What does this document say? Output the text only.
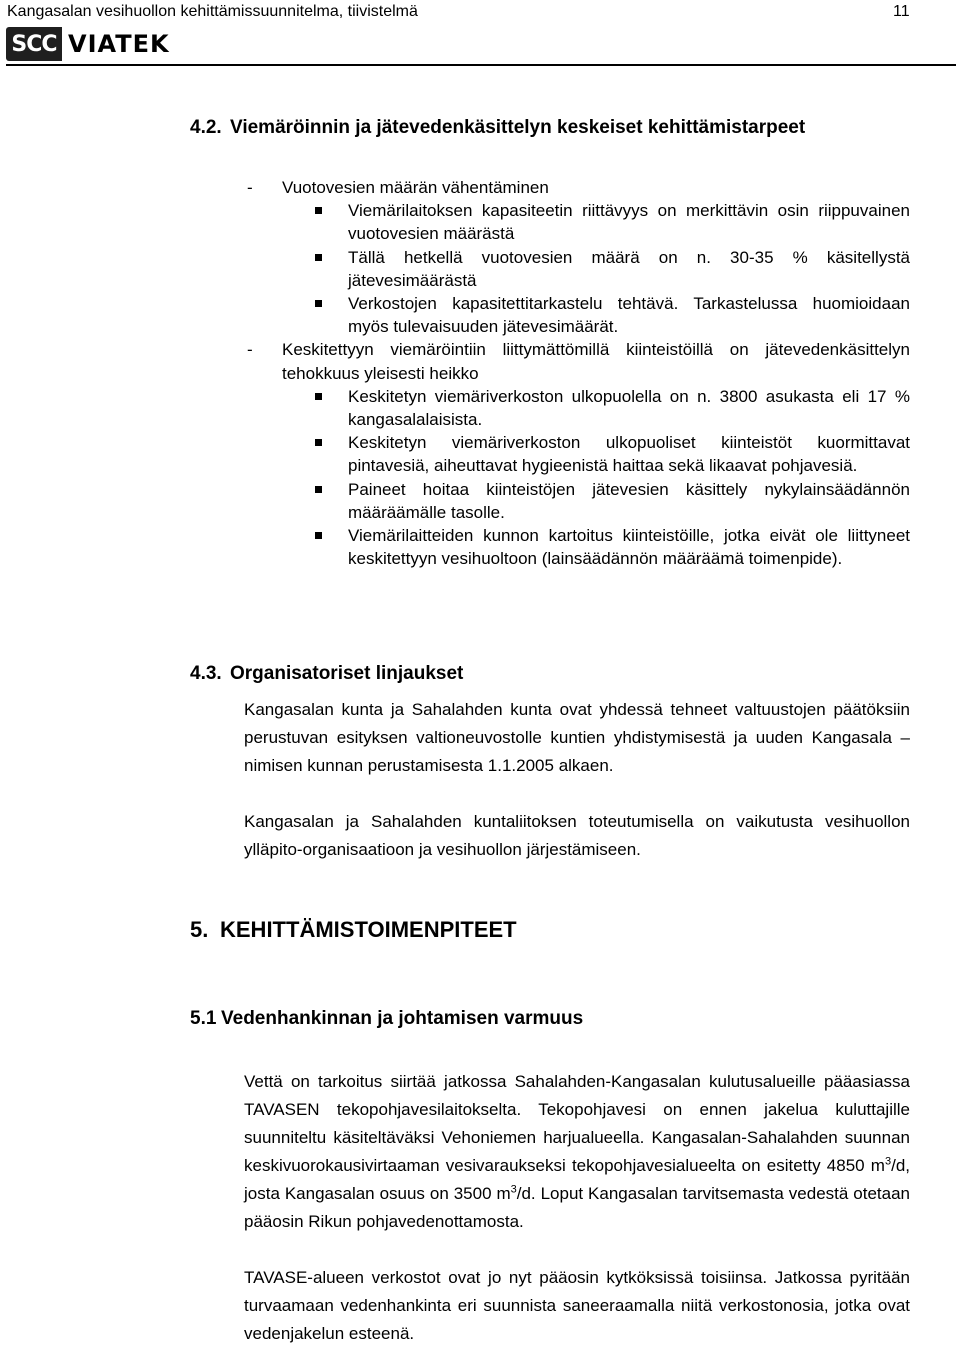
Kangasalan vesihuollon kehittämissuunnitelma, tiivistelmä	11
SCC VIATEK
4.2. Viemäröinnin ja jätevedenkäsittelyn keskeiset kehittämistarpeet
- Vuotovesien määrän vähentäminen
Viemärilaitoksen kapasiteetin riittävyys on merkittävin osin riippuvainen vuotovesien määrästä
Tällä hetkellä vuotovesien määrä on n. 30-35 % käsitellystä jätevesimäärästä
Verkostojen kapasitettitarkastelu tehtävä. Tarkastelussa huomioidaan myös tulevaisuuden jätevesimäärät.
- Keskitettyyn viemäröintiin liittymättömillä kiinteistöillä on jätevedenkäsittelyn tehokkuus yleisesti heikko
Keskitetyn viemäriverkoston ulkopuolella on n. 3800 asukasta eli 17 % kangasalalaisista.
Keskitetyn viemäriverkoston ulkopuoliset kiinteistöt kuormittavat pintavesiä, aiheuttavat hygieenistä haittaa sekä likaavat pohjavesiä.
Paineet hoitaa kiinteistöjen jätevesien käsittely nykylainsäädännön määräämälle tasolle.
Viemärilaitteiden kunnon kartoitus kiinteistöille, jotka eivät ole liittyneet keskitettyyn vesihuoltoon (lainsäädännön määräämä toimenpide).
4.3. Organisatoriset linjaukset

Kangasalan kunta ja Sahalahden kunta ovat yhdessä tehneet valtuustojen päätöksiin perustuvan esityksen valtioneuvostolle kuntien yhdistymisestä ja uuden Kangasala –nimisen kunnan perustamisesta 1.1.2005 alkaen.

Kangasalan ja Sahalahden kuntaliitoksen toteutumisella on vaikutusta vesihuollon ylläpito-organisaatioon ja vesihuollon järjestämiseen.

5. KEHITTÄMISTOIMENPITEET
5.1 Vedenhankinnan ja johtamisen varmuus

Vettä on tarkoitus siirtää jatkossa Sahalahden-Kangasalan kulutusalueille pääasiassa TAVASEN tekopohjavesilaitokselta. Tekopohjavesi on ennen jakelua kuluttajille suunniteltu käsiteltäväksi Vehoniemen harjualueella. Kangasalan-Sahalahden suunnan keskivuorokausivirtaaman vesivaraukseksi tekopohjavesialueelta on esitetty 4850 $m^3/d$, josta Kangasalan osuus on 3500 $m^3/d$. Loput Kangasalan tarvitsemasta vedestä otetaan pääosin Rikun pohjavedenottamosta.

TAVASE-alueen verkostot ovat jo nyt pääosin kytköksissä toisiinsa. Jatkossa pyritään turvaamaan vedenhankinta eri suunnista saneeraamalla niitä verkostonosia, jotka ovat vedenjakelun esteenä.
